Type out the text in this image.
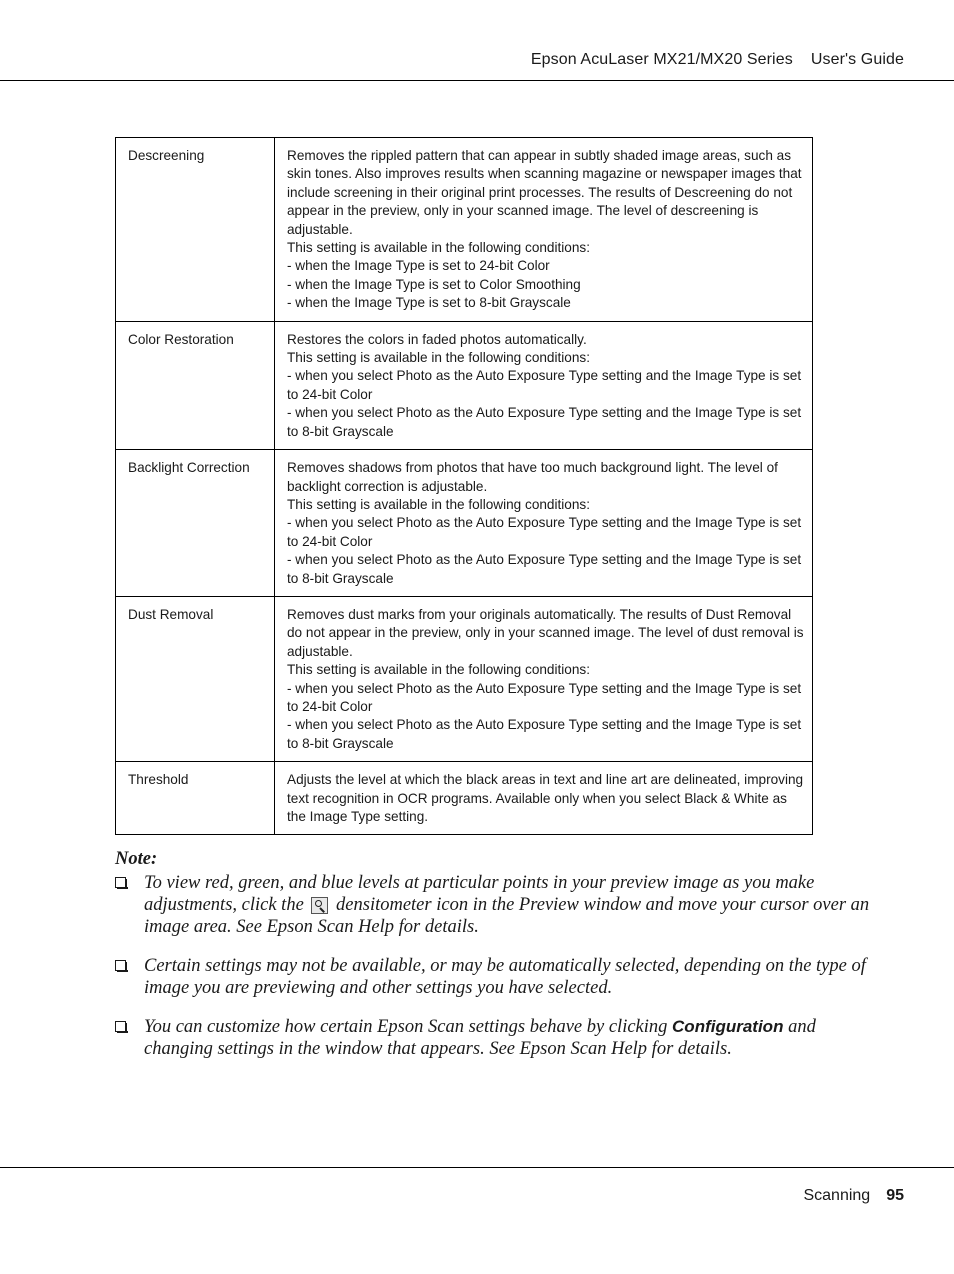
Epson AcuLaser MX21/MX20 Series User's Guide
Descreening	Removes the rippled pattern that can appear in subtly shaded image areas, such as skin tones. Also improves results when scanning magazine or newspaper images that include screening in their original print processes. The results of Descreening do not appear in the preview, only in your scanned image. The level of descreening is adjustable.
This setting is available in the following conditions:
- when the Image Type is set to 24-bit Color
- when the Image Type is set to Color Smoothing
- when the Image Type is set to 8-bit Grayscale

Color Restoration	Restores the colors in faded photos automatically.
This setting is available in the following conditions:
- when you select Photo as the Auto Exposure Type setting and the Image Type is set to 24-bit Color
- when you select Photo as the Auto Exposure Type setting and the Image Type is set to 8-bit Grayscale

Backlight Correction	Removes shadows from photos that have too much background light. The level of backlight correction is adjustable.
This setting is available in the following conditions:
- when you select Photo as the Auto Exposure Type setting and the Image Type is set to 24-bit Color
- when you select Photo as the Auto Exposure Type setting and the Image Type is set to 8-bit Grayscale

Dust Removal	Removes dust marks from your originals automatically. The results of Dust Removal do not appear in the preview, only in your scanned image. The level of dust removal is adjustable.
This setting is available in the following conditions:
- when you select Photo as the Auto Exposure Type setting and the Image Type is set to 24-bit Color
- when you select Photo as the Auto Exposure Type setting and the Image Type is set to 8-bit Grayscale

Threshold	Adjusts the level at which the black areas in text and line art are delineated, improving text recognition in OCR programs. Available only when you select Black & White as the Image Type setting.
Note:
To view red, green, and blue levels at particular points in your preview image as you make adjustments, click the densitometer icon in the Preview window and move your cursor over an image area. See Epson Scan Help for details.
Certain settings may not be available, or may be automatically selected, depending on the type of image you are previewing and other settings you have selected.
You can customize how certain Epson Scan settings behave by clicking Configuration and changing settings in the window that appears. See Epson Scan Help for details.
Scanning 95
